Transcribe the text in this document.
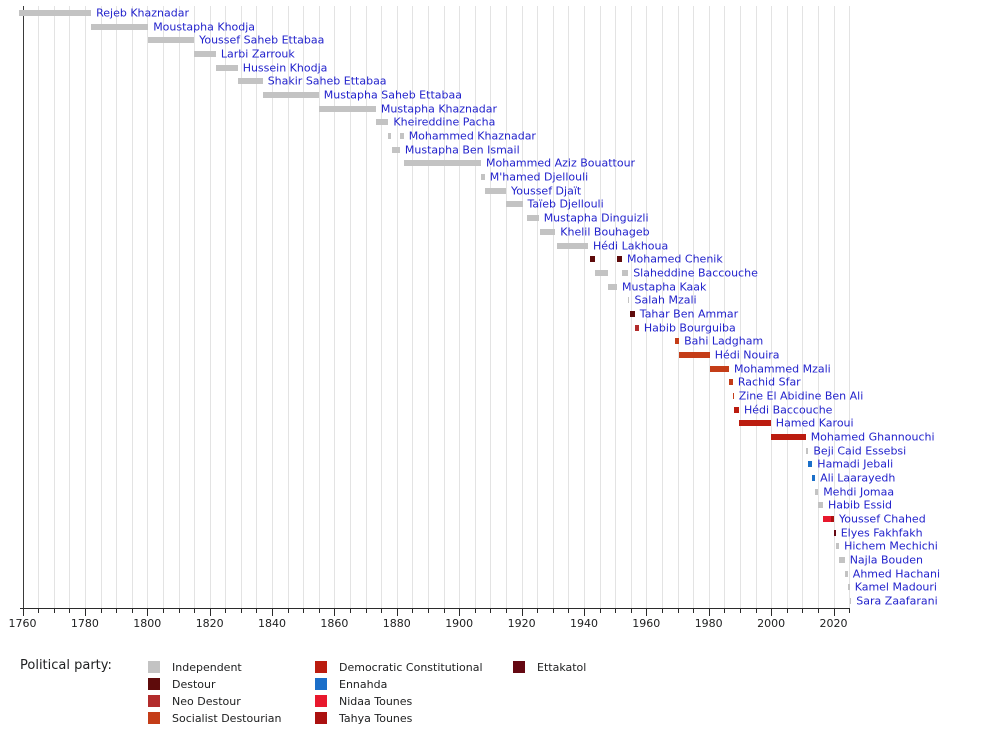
Rejeb Khaznadar
Moustapha Khodja
Youssef Saheb Ettabaa
Larbi Zarrouk
Hussein Khodja
Shakir Saheb Ettabaa
Mustapha Saheb Ettabaa
Mustapha Khaznadar
Kheireddine Pacha
Mohammed Khaznadar
Mustapha Ben Ismail
Mohammed Aziz Bouattour
M'hamed Djellouli
Youssef Djaït
Taïeb Djellouli
Mustapha Dinguizli
Khelil Bouhageb
Hédi Lakhoua
Mohamed Chenik
Slaheddine Baccouche
Mustapha Kaak
Salah Mzali
Tahar Ben Ammar
Habib Bourguiba
Bahi Ladgham
Hédi Nouira
Mohammed Mzali
Rachid Sfar
Zine El Abidine Ben Ali
Hédi Baccouche
Hamed Karoui
Mohamed Ghannouchi
Beji Caid Essebsi
Hamadi Jebali
Ali Laarayedh
Mehdi Jomaa
Habib Essid
Youssef Chahed
Elyes Fakhfakh
Hichem Mechichi
Najla Bouden
Ahmed Hachani
Kamel Madouri
Sara Zaafarani
1760	1780	1800	1820	1840	1860	1880	1900	1920	1940	1960	1980	2000	2020
Political party:	Independent
Destour
Neo Destour
Socialist Destourian
Democratic Constitutional
Ennahda
Nidaa Tounes
Tahya Tounes
Ettakatol
